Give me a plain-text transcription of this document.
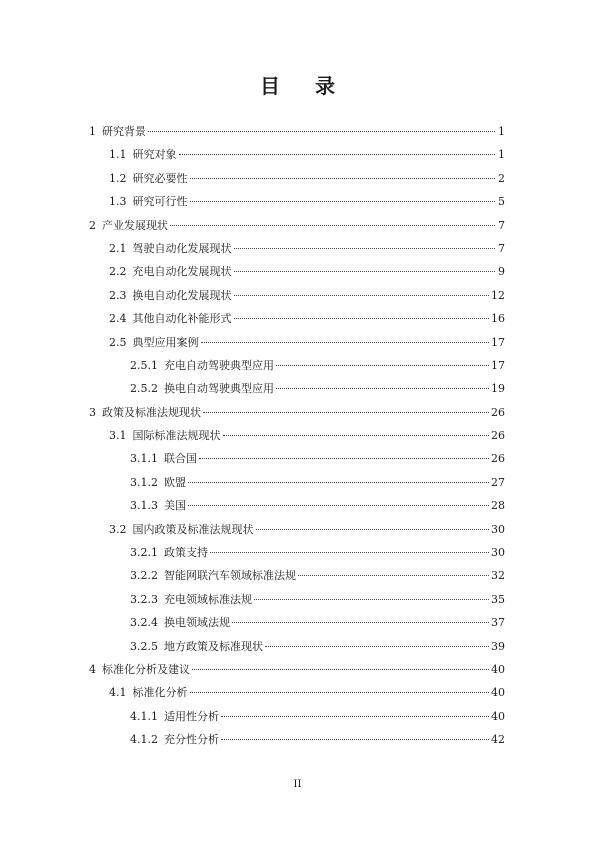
目 录
1 研究背景	1
1.1 研究对象	1
1.2 研究必要性	2
1.3 研究可行性	5
2 产业发展现状	7
2.1 驾驶自动化发展现状	7
2.2 充电自动化发展现状	9
2.3 换电自动化发展现状	12
2.4 其他自动化补能形式	16
2.5 典型应用案例	17
2.5.1 充电自动驾驶典型应用	17
2.5.2 换电自动驾驶典型应用	19
3 政策及标准法规现状	26
3.1 国际标准法规现状	26
3.1.1 联合国	26
3.1.2 欧盟	27
3.1.3 美国	28
3.2 国内政策及标准法规现状	30
3.2.1 政策支持	30
3.2.2 智能网联汽车领域标准法规	32
3.2.3 充电领域标准法规	35
3.2.4 换电领域法规	37
3.2.5 地方政策及标准现状	39
4 标准化分析及建议	40
4.1 标准化分析	40
4.1.1 适用性分析	40
4.1.2 充分性分析	42
II
